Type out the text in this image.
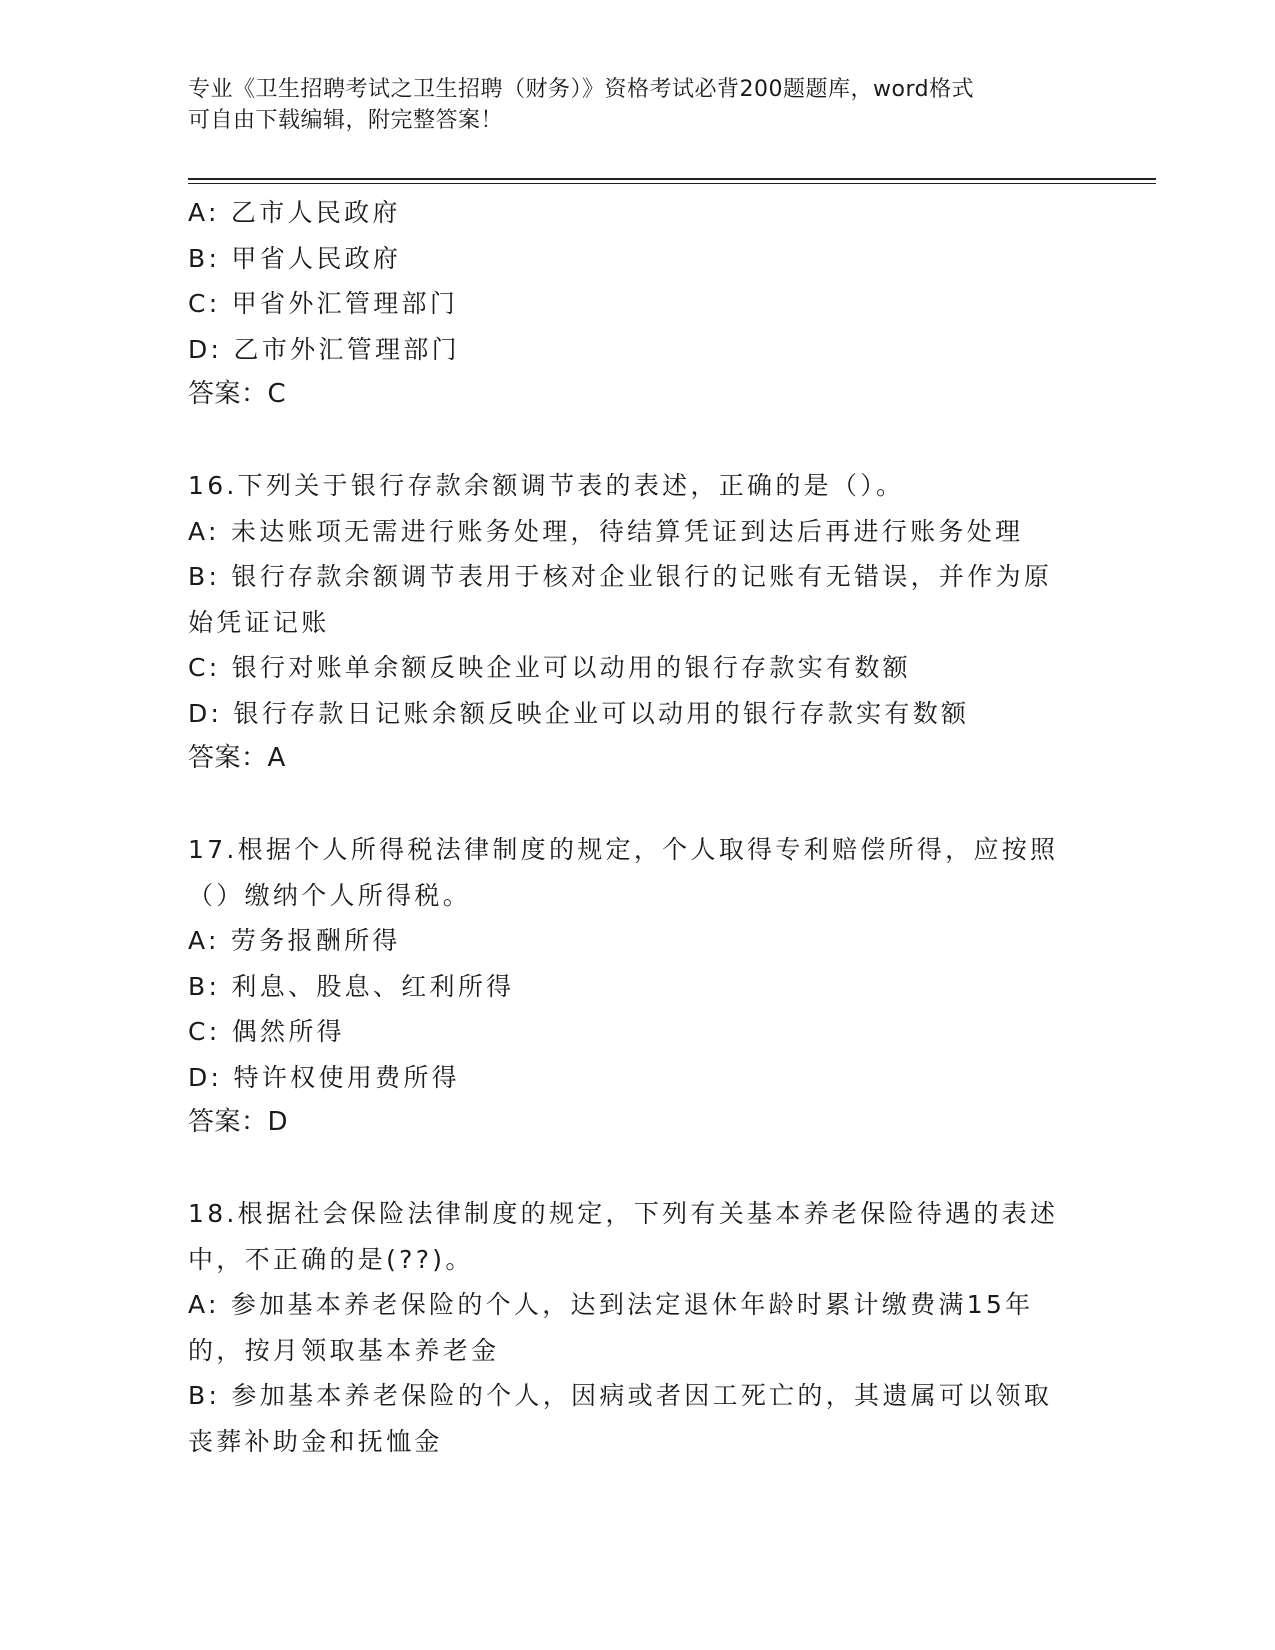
专业《卫生招聘考试之卫生招聘（财务）》资格考试必背200题题库，word格式
可自由下载编辑，附完整答案！

A: 乙市人民政府

B: 甲省人民政府

C: 甲省外汇管理部门

D: 乙市外汇管理部门

答案：C

16.下列关于银行存款余额调节表的表述，正确的是（）。

A: 未达账项无需进行账务处理，待结算凭证到达后再进行账务处理

B: 银行存款余额调节表用于核对企业银行的记账有无错误，并作为原

始凭证记账

C: 银行对账单余额反映企业可以动用的银行存款实有数额

D: 银行存款日记账余额反映企业可以动用的银行存款实有数额

答案：A

17.根据个人所得税法律制度的规定，个人取得专利赔偿所得，应按照

（）缴纳个人所得税。

A: 劳务报酬所得

B: 利息、股息、红利所得

C: 偶然所得

D: 特许权使用费所得

答案：D

18.根据社会保险法律制度的规定，下列有关基本养老保险待遇的表述

中，不正确的是(??)。

A: 参加基本养老保险的个人，达到法定退休年龄时累计缴费满15年

的，按月领取基本养老金

B: 参加基本养老保险的个人，因病或者因工死亡的，其遗属可以领取

丧葬补助金和抚恤金
